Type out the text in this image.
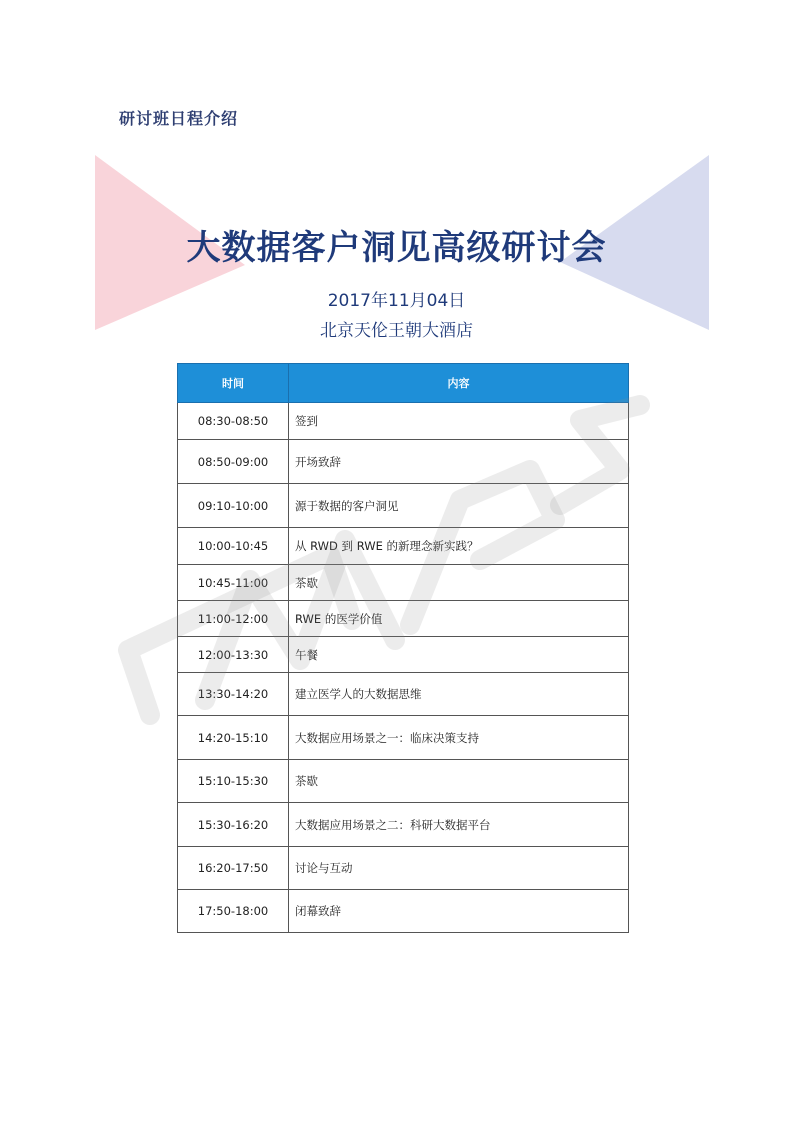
研讨班日程介绍
大数据客户洞见高级研讨会
2017年11月04日
北京天伦王朝大酒店
时间	内容
08:30-08:50	签到
08:50-09:00	开场致辞
09:10-10:00	源于数据的客户洞见
10:00-10:45	从 RWD 到 RWE 的新理念新实践？
10:45-11:00	茶歇
11:00-12:00	RWE 的医学价值
12:00-13:30	午餐
13:30-14:20	建立医学人的大数据思维
14:20-15:10	大数据应用场景之一：临床决策支持
15:10-15:30	茶歇
15:30-16:20	大数据应用场景之二：科研大数据平台
16:20-17:50	讨论与互动
17:50-18:00	闭幕致辞
